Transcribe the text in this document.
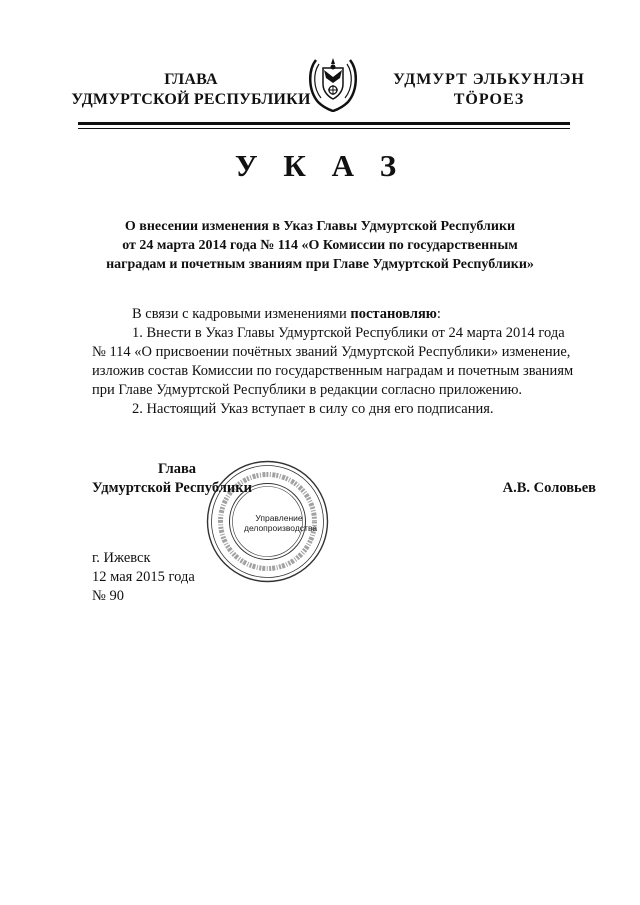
ГЛАВА
УДМУРТСКОЙ РЕСПУБЛИКИ
УДМУРТ ЭЛЬКУНЛЭН
ТӦРОЕЗ
У К А З
О внесении изменения в Указ Главы Удмуртской Республики
от 24 марта 2014 года № 114 «О Комиссии по государственным
наградам и почетным званиям при Главе Удмуртской Республики»
В связи с кадровыми изменениями постановляю:
1. Внести в Указ Главы Удмуртской Республики от 24 марта 2014 года
№ 114 «О присвоении почётных званий Удмуртской Республики» изменение,
изложив состав Комиссии по государственным наградам и почетным званиям
при Главе Удмуртской Республики в редакции согласно приложению.
2. Настоящий Указ вступает в силу со дня его подписания.
Управление
делопроизводства
Глава
Удмуртской Республики	А.В. Соловьев
г. Ижевск
12 мая 2015 года
№ 90
